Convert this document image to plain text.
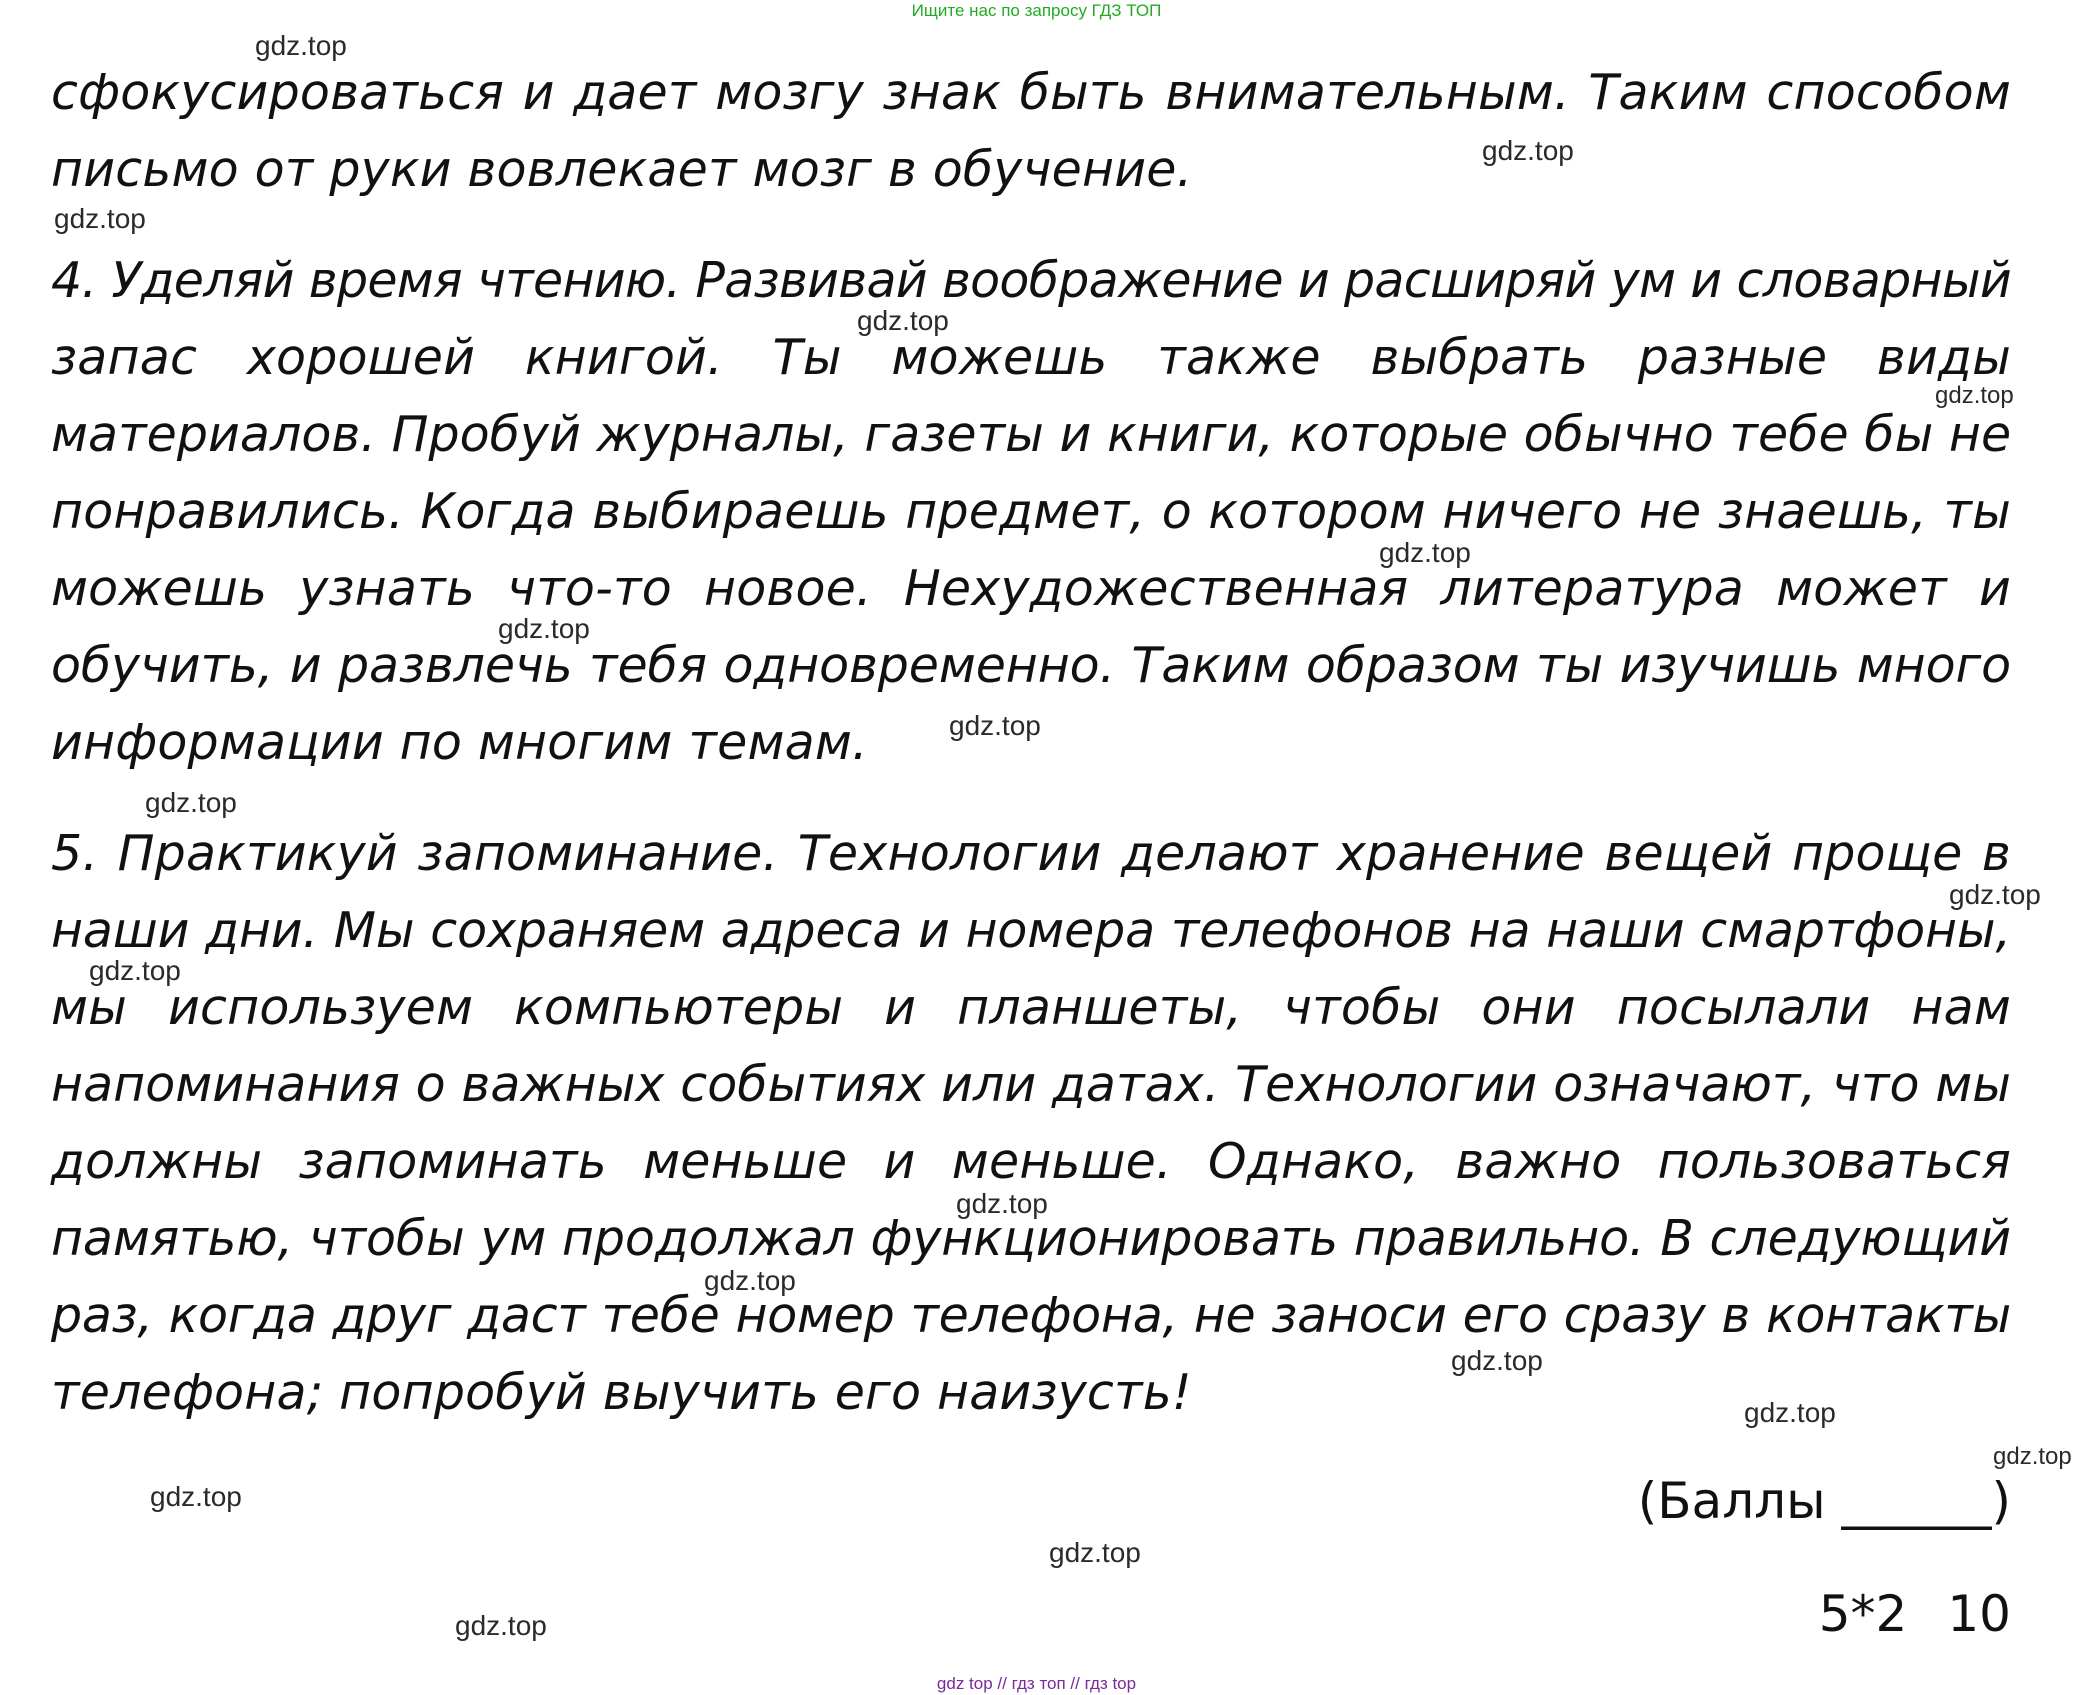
Ищите нас по запросу ГДЗ ТОП
сфокусироваться и дает мозгу знак быть внимательным. Таким способом
письмо от руки вовлекает мозг в обучение.
4. Уделяй время чтению. Развивай воображение и расширяй ум и словарный
запас хорошей книгой. Ты можешь также выбрать разные виды
материалов. Пробуй журналы, газеты и книги, которые обычно тебе бы не
понравились. Когда выбираешь предмет, о котором ничего не знаешь, ты
можешь узнать что-то новое. Нехудожественная литература может и
обучить, и развлечь тебя одновременно. Таким образом ты изучишь много
информации по многим темам.
5. Практикуй запоминание. Технологии делают хранение вещей проще в
наши дни. Мы сохраняем адреса и номера телефонов на наши смартфоны,
мы используем компьютеры и планшеты, чтобы они посылали нам
напоминания о важных событиях или датах. Технологии означают, что мы
должны запоминать меньше и меньше. Однако, важно пользоваться
памятью, чтобы ум продолжал функционировать правильно. В следующий
раз, когда друг даст тебе номер телефона, не заноси его сразу в контакты
телефона; попробуй выучить его наизусть!
(Баллы ______)
5*2 10
gdz.top
gdz.top
gdz.top
gdz.top
gdz.top
gdz.top
gdz.top
gdz.top
gdz.top
gdz.top
gdz.top
gdz.top
gdz.top
gdz.top
gdz.top
gdz.top
gdz.top
gdz.top
gdz.top
gdz top // гдз топ // гдз top
